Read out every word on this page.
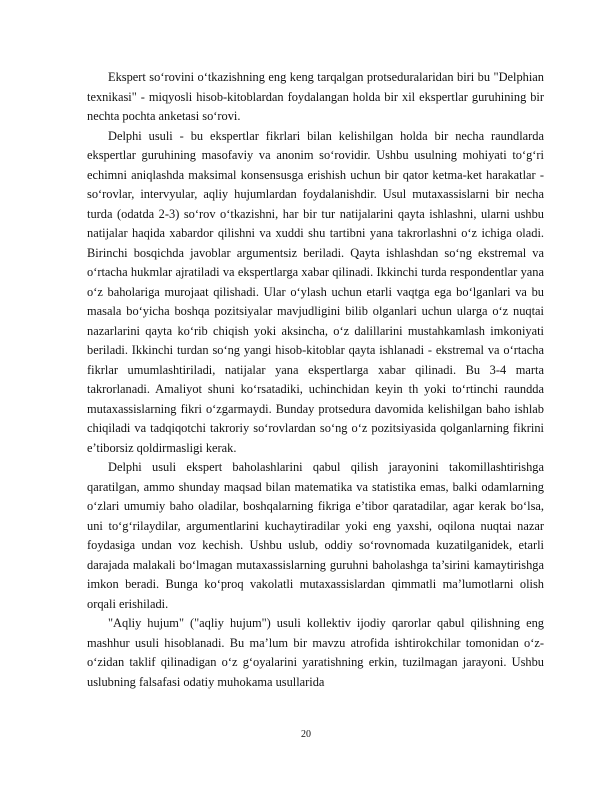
Ekspert so‘rovini o‘tkazishning eng keng tarqalgan protseduralaridan biri bu "Delphian texnikasi" - miqyosli hisob-kitoblardan foydalangan holda bir xil ekspertlar guruhining bir nechta pochta anketasi so‘rovi.

Delphi usuli - bu ekspertlar fikrlari bilan kelishilgan holda bir necha raundlarda ekspertlar guruhining masofaviy va anonim so‘rovidir. Ushbu usulning mohiyati to‘g‘ri echimni aniqlashda maksimal konsensusga erishish uchun bir qator ketma-ket harakatlar - so‘rovlar, intervyular, aqliy hujumlardan foydalanishdir. Usul mutaxassislarni bir necha turda (odatda 2-3) so‘rov o‘tkazishni, har bir tur natijalarini qayta ishlashni, ularni ushbu natijalar haqida xabardor qilishni va xuddi shu tartibni yana takrorlashni o‘z ichiga oladi. Birinchi bosqichda javoblar argumentsiz beriladi. Qayta ishlashdan so‘ng ekstremal va o‘rtacha hukmlar ajratiladi va ekspertlarga xabar qilinadi. Ikkinchi turda respondentlar yana o‘z baholariga murojaat qilishadi. Ular o‘ylash uchun etarli vaqtga ega bo‘lganlari va bu masala bo‘yicha boshqa pozitsiyalar mavjudligini bilib olganlari uchun ularga o‘z nuqtai nazarlarini qayta ko‘rib chiqish yoki aksincha, o‘z dalillarini mustahkamlash imkoniyati beriladi. Ikkinchi turdan so‘ng yangi hisob-kitoblar qayta ishlanadi - ekstremal va o‘rtacha fikrlar umumlashtiriladi, natijalar yana ekspertlarga xabar qilinadi. Bu 3-4 marta takrorlanadi. Amaliyot shuni ko‘rsatadiki, uchinchidan keyin th yoki to‘rtinchi raundda mutaxassislarning fikri o‘zgarmaydi. Bunday protsedura davomida kelishilgan baho ishlab chiqiladi va tadqiqotchi takroriy so‘rovlardan so‘ng o‘z pozitsiyasida qolganlarning fikrini e’tiborsiz qoldirmasligi kerak.

Delphi usuli ekspert baholashlarini qabul qilish jarayonini takomillashtirishga qaratilgan, ammo shunday maqsad bilan matematika va statistika emas, balki odamlarning o‘zlari umumiy baho oladilar, boshqalarning fikriga e’tibor qaratadilar, agar kerak bo‘lsa, uni to‘g‘rilaydilar, argumentlarini kuchaytiradilar yoki eng yaxshi, oqilona nuqtai nazar foydasiga undan voz kechish. Ushbu uslub, oddiy so‘rovnomada kuzatilganidek, etarli darajada malakali bo‘lmagan mutaxassislarning guruhni baholashga ta’sirini kamaytirishga imkon beradi. Bunga ko‘proq vakolatli mutaxassislardan qimmatli ma’lumotlarni olish orqali erishiladi.

"Aqliy hujum" ("aqliy hujum") usuli kollektiv ijodiy qarorlar qabul qilishning eng mashhur usuli hisoblanadi. Bu ma’lum bir mavzu atrofida ishtirokchilar tomonidan o‘z-o‘zidan taklif qilinadigan o‘z g‘oyalarini yaratishning erkin, tuzilmagan jarayoni. Ushbu uslubning falsafasi odatiy muhokama usullarida

20
